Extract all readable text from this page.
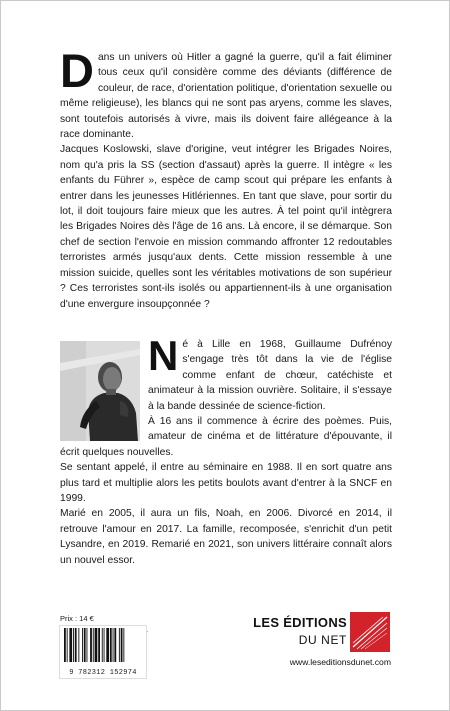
Dans un univers où Hitler a gagné la guerre, qu'il a fait éliminer tous ceux qu'il considère comme des déviants (différence de couleur, de race, d'orientation politique, d'orientation sexuelle ou même religieuse), les blancs qui ne sont pas aryens, comme les slaves, sont toutefois autorisés à vivre, mais ils doivent faire allégeance à la race dominante.

Jacques Koslowski, slave d'origine, veut intégrer les Brigades Noires, nom qu'a pris la SS (section d'assaut) après la guerre. Il intègre « les enfants du Führer », espèce de camp scout qui prépare les enfants à entrer dans les jeunesses Hitlériennes. En tant que slave, pour sortir du lot, il doit toujours faire mieux que les autres. À tel point qu'il intègrera les Brigades Noires dès l'âge de 16 ans. Là encore, il se démarque. Son chef de section l'envoie en mission commando affronter 12 redoutables terroristes armés jusqu'aux dents. Cette mission ressemble à une mission suicide, quelles sont les véritables motivations de son supérieur ? Ces terroristes sont-ils isolés ou appartiennent-ils à une organisation d'une envergure insoupçonnée ?

Né à Lille en 1968, Guillaume Dufrénoy s'engage très tôt dans la vie de l'église comme enfant de chœur, catéchiste et animateur à la mission ouvrière. Solitaire, il s'essaye à la bande dessinée de science-fiction.

À 16 ans il commence à écrire des poèmes. Puis, amateur de cinéma et de littérature d'épouvante, il écrit quelques nouvelles.

Se sentant appelé, il entre au séminaire en 1988. Il en sort quatre ans plus tard et multiplie alors les petits boulots avant d'entrer à la SNCF en 1999.

Marié en 2005, il aura un fils, Noah, en 2006. Divorcé en 2014, il retrouve l'amour en 2017. La famille, recomposée, s'enrichit d'un petit Lysandre, en 2019. Remarié en 2021, son univers littéraire connaît alors un nouvel essor.

Prix : 14 €
9 782312 152974
LES ÉDITIONS
DU NET
www.leseditionsdunet.com
